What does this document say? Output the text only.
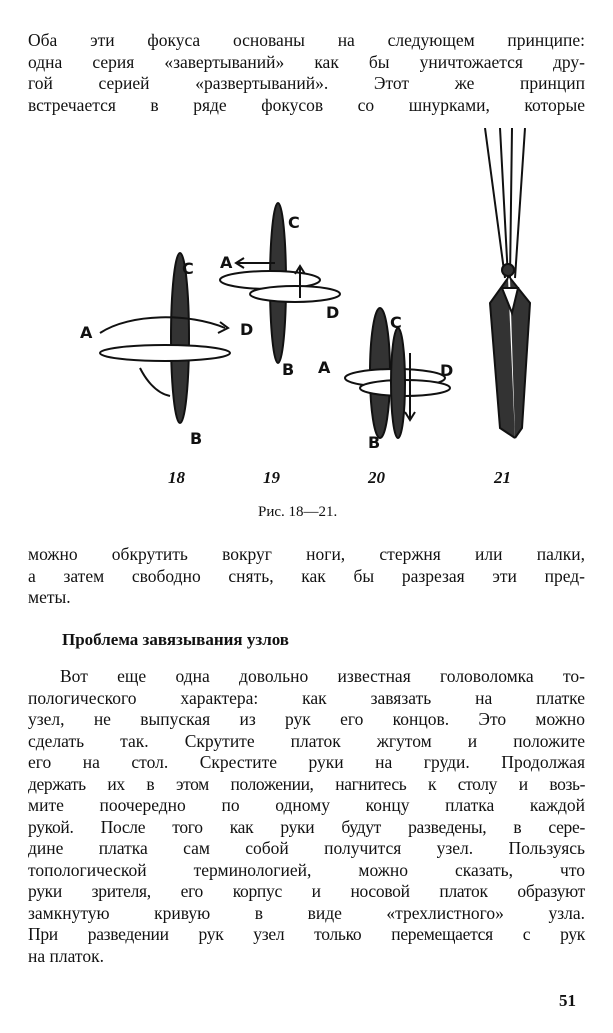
Оба эти фокуса основаны на следующем принципе:
одна серия «завертываний» как бы уничтожается дру-
гой серией «развертываний». Этот же принцип
встречается в ряде фокусов со шнурками, которые
C
A	D
B
C
A
D
B
C
A	D
B
18	19	20	21
Рис. 18—21.
можно обкрутить вокруг ноги, стержня или палки,
а затем свободно снять, как бы разрезая эти пред-
меты.
Проблема завязывания узлов
Вот еще одна довольно известная головоломка то-
пологического характера: как завязать на платке
узел, не выпуская из рук его концов. Это можно
сделать так. Скрутите платок жгутом и положите
его на стол. Скрестите руки на груди. Продолжая
держать их в этом положении, нагнитесь к столу и возь-
мите поочередно по одному концу платка каждой
рукой. После того как руки будут разведены, в сере-
дине платка сам собой получится узел. Пользуясь
топологической терминологией, можно сказать, что
руки зрителя, его корпус и носовой платок образуют
замкнутую кривую в виде «трехлистного» узла.
При разведении рук узел только перемещается с рук
на платок.
51
